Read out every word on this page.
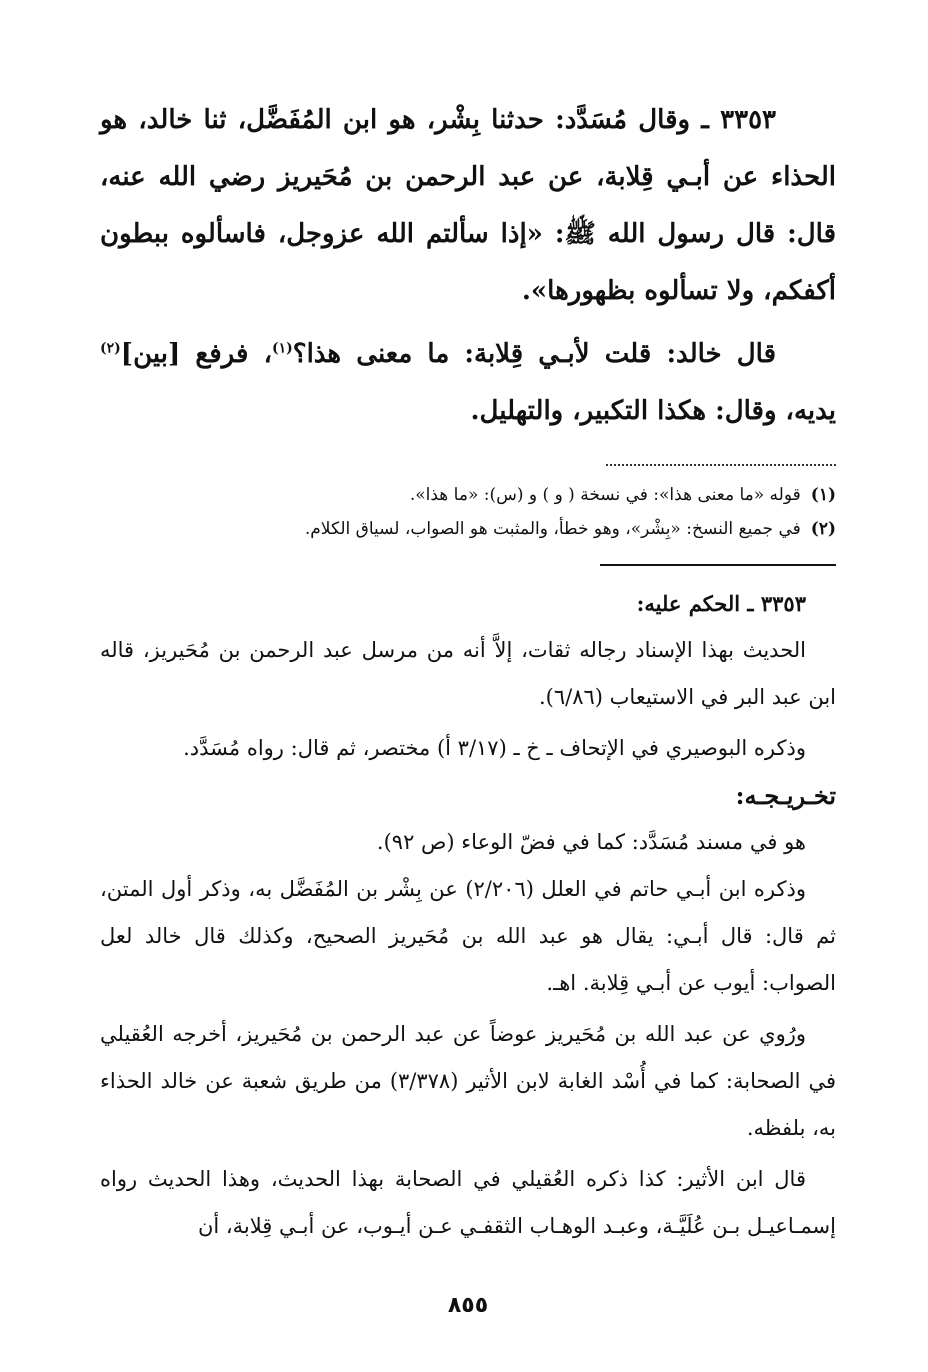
٣٣٥٣ ـ وقال مُسَدَّد: حدثنا بِشْر، هو ابن المُفَضَّل، ثنا خالد، هو الحذاء عن أبـي قِلابة، عن عبد الرحمن بن مُحَيريز رضي الله عنه، قال: قال رسول الله ﷺ: «إذا سألتم الله عزوجل، فاسألوه ببطون أكفكم، ولا تسألوه بظهورها».

قال خالد: قلت لأبـي قِلابة: ما معنى هذا؟$^{(١)}$، فرفع [بين]$^{(٢)}$ يديه، وقال: هكذا التكبير، والتهليل.

(١)قوله «ما معنى هذا»: في نسخة ( و ) و (س): «ما هذا».
(٢)في جميع النسخ: «بِشْر»، وهو خطأ، والمثبت هو الصواب، لسياق الكلام.

٣٣٥٣ ـ الحكم عليه:

الحديث بهذا الإسناد رجاله ثقات، إلاَّ أنه من مرسل عبد الرحمن بن مُحَيريز، قاله ابن عبد البر في الاستيعاب (٦/٨٦).

وذكره البوصيري في الإتحاف ـ خ ـ (٣/١٧ أ) مختصر، ثم قال: رواه مُسَدَّد.

تخـريـجـه:

هو في مسند مُسَدَّد: كما في فضّ الوعاء (ص ٩٢).

وذكره ابن أبـي حاتم في العلل (٢/٢٠٦) عن بِشْر بن المُفَضَّل به، وذكر أول المتن، ثم قال: قال أبـي: يقال هو عبد الله بن مُحَيريز الصحيح، وكذلك قال خالد لعل الصواب: أيوب عن أبـي قِلابة. اهـ.

ورُوي عن عبد الله بن مُحَيريز عوضاً عن عبد الرحمن بن مُحَيريز، أخرجه العُقيلي في الصحابة: كما في أُسْد الغابة لابن الأثير (٣/٣٧٨) من طريق شعبة عن خالد الحذاء به، بلفظه.

قال ابن الأثير: كذا ذكره العُقيلي في الصحابة بهذا الحديث، وهذا الحديث رواه إسمـاعيـل بـن عُلَيَّـة، وعبـد الوهـاب الثقفـي عـن أيـوب، عن أبـي قِلابة، أن

٨٥٥
